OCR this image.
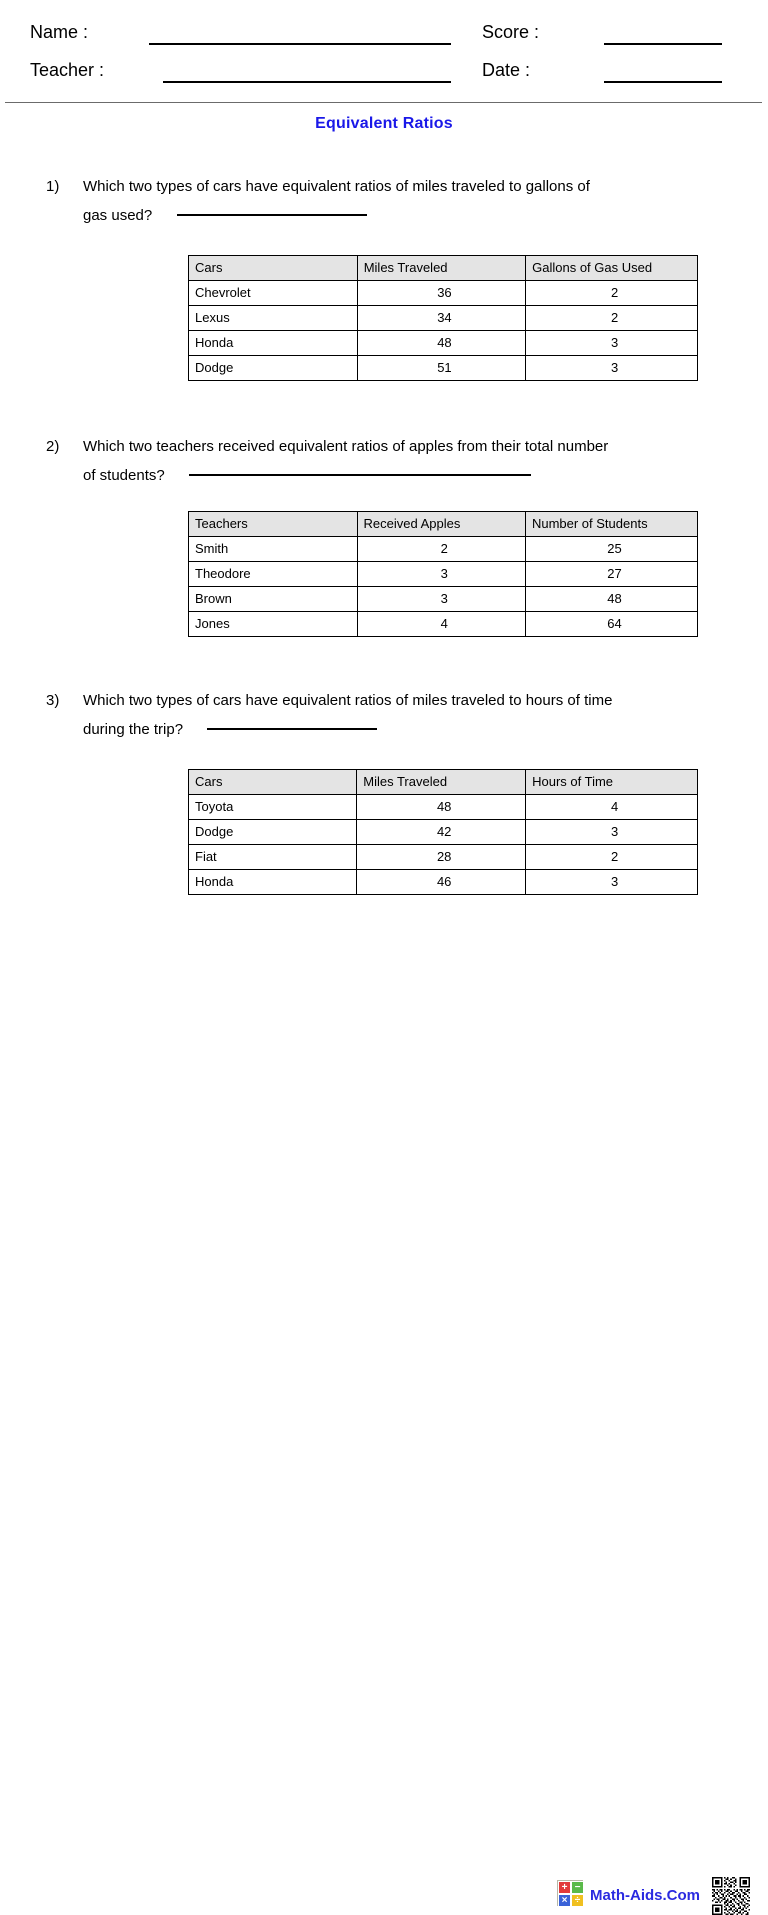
Name :
Teacher :
Score :
Date :
Equivalent Ratios
1) Which two types of cars have equivalent ratios of miles traveled to gallons of
gas used?
Cars	Miles Traveled	Gallons of Gas Used
Chevrolet	36	2
Lexus	34	2
Honda	48	3
Dodge	51	3
2) Which two teachers received equivalent ratios of apples from their total number
of students?
Teachers	Received Apples	Number of Students
Smith	2	25
Theodore	3	27
Brown	3	48
Jones	4	64
3) Which two types of cars have equivalent ratios of miles traveled to hours of time
during the trip?
Cars	Miles Traveled	Hours of Time
Toyota	48	4
Dodge	42	3
Fiat	28	2
Honda	46	3
+ −
× ÷ Math-Aids.Com
